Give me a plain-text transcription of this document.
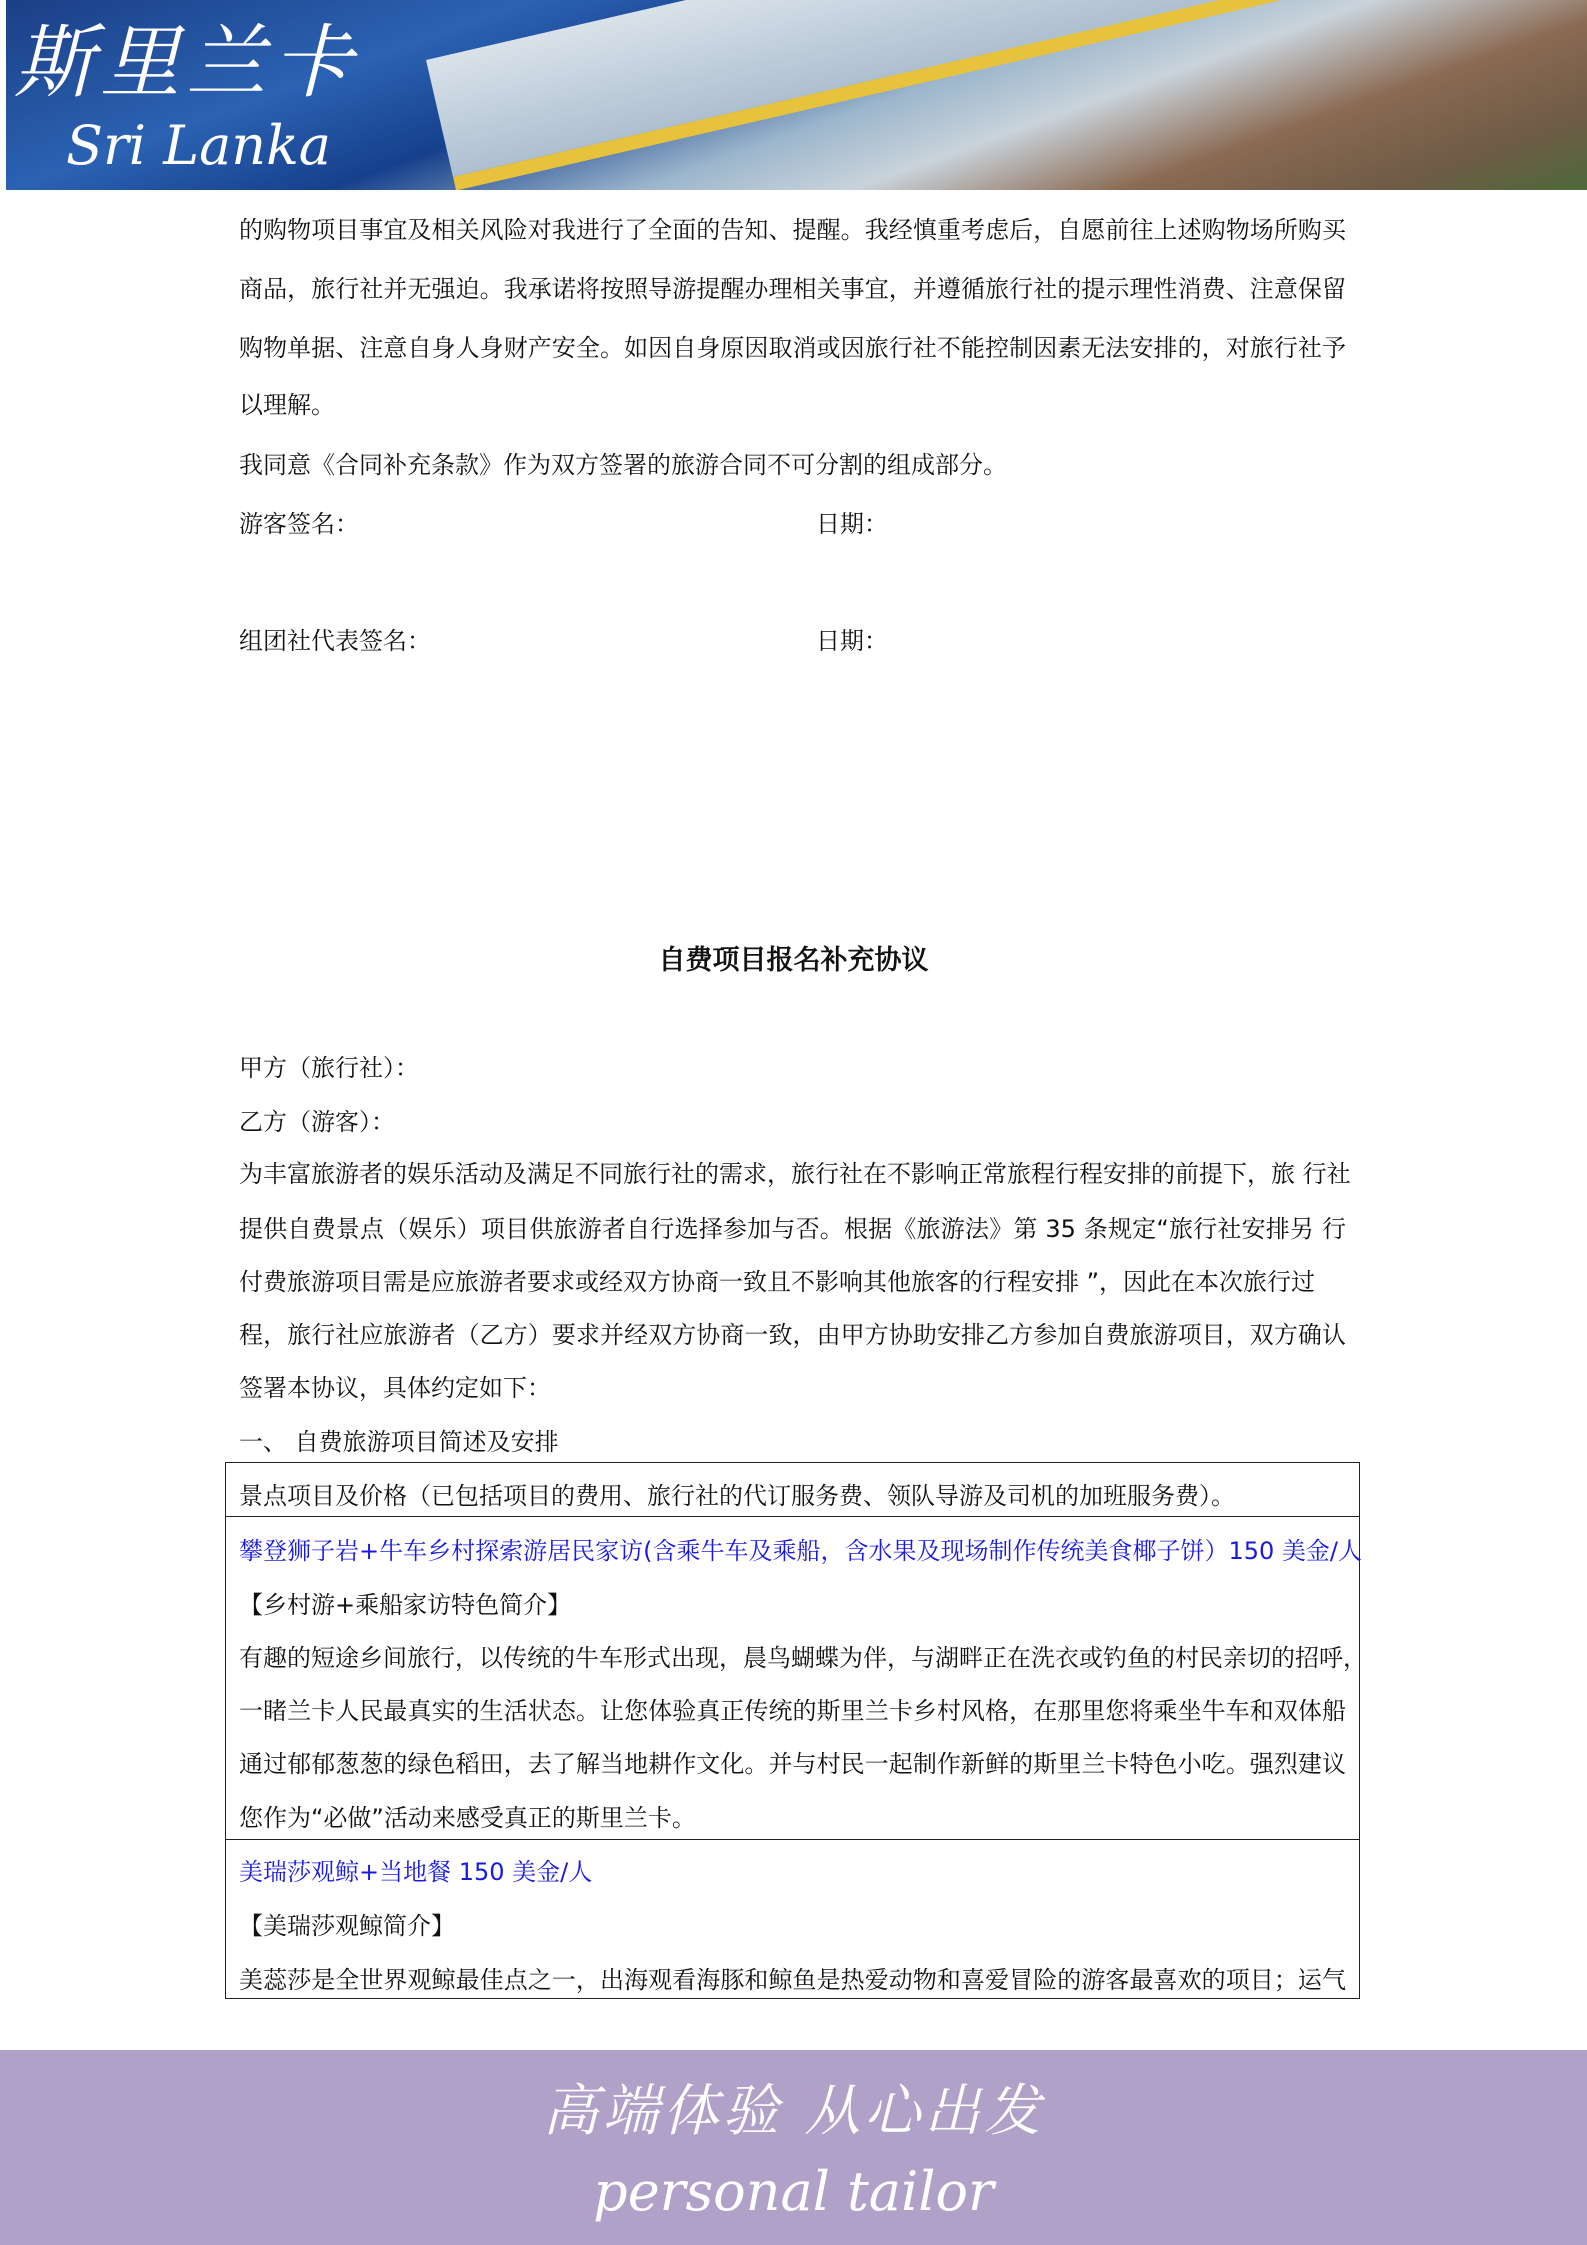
斯里兰卡
Sri Lanka
的购物项目事宜及相关风险对我进行了全面的告知、提醒。我经慎重考虑后，自愿前往上述购物场所购买
商品，旅行社并无强迫。我承诺将按照导游提醒办理相关事宜，并遵循旅行社的提示理性消费、注意保留
购物单据、注意自身人身财产安全。如因自身原因取消或因旅行社不能控制因素无法安排的，对旅行社予
以理解。
我同意《合同补充条款》作为双方签署的旅游合同不可分割的组成部分。
游客签名：	日期：
组团社代表签名：	日期：
自费项目报名补充协议
甲方（旅行社）：
乙方（游客）：
为丰富旅游者的娱乐活动及满足不同旅行社的需求，旅行社在不影响正常旅程行程安排的前提下，旅 行社
提供自费景点（娱乐）项目供旅游者自行选择参加与否。根据《旅游法》第 35 条规定“旅行社安排另 行
付费旅游项目需是应旅游者要求或经双方协商一致且不影响其他旅客的行程安排 ”，因此在本次旅行过
程，旅行社应旅游者（乙方）要求并经双方协商一致，由甲方协助安排乙方参加自费旅游项目，双方确认
签署本协议，具体约定如下：
一、 自费旅游项目简述及安排
景点项目及价格（已包括项目的费用、旅行社的代订服务费、领队导游及司机的加班服务费）。
攀登狮子岩+牛车乡村探索游居民家访(含乘牛车及乘船，含水果及现场制作传统美食椰子饼）150 美金/人
【乡村游+乘船家访特色简介】
有趣的短途乡间旅行，以传统的牛车形式出现，晨鸟蝴蝶为伴，与湖畔正在洗衣或钓鱼的村民亲切的招呼，
一睹兰卡人民最真实的生活状态。让您体验真正传统的斯里兰卡乡村风格，在那里您将乘坐牛车和双体船
通过郁郁葱葱的绿色稻田，去了解当地耕作文化。并与村民一起制作新鲜的斯里兰卡特色小吃。强烈建议
您作为“必做”活动来感受真正的斯里兰卡。
美瑞莎观鲸+当地餐 150 美金/人
【美瑞莎观鲸简介】
美蕊莎是全世界观鲸最佳点之一，出海观看海豚和鲸鱼是热爱动物和喜爱冒险的游客最喜欢的项目；运气
高端体验 从心出发
personal tailor
